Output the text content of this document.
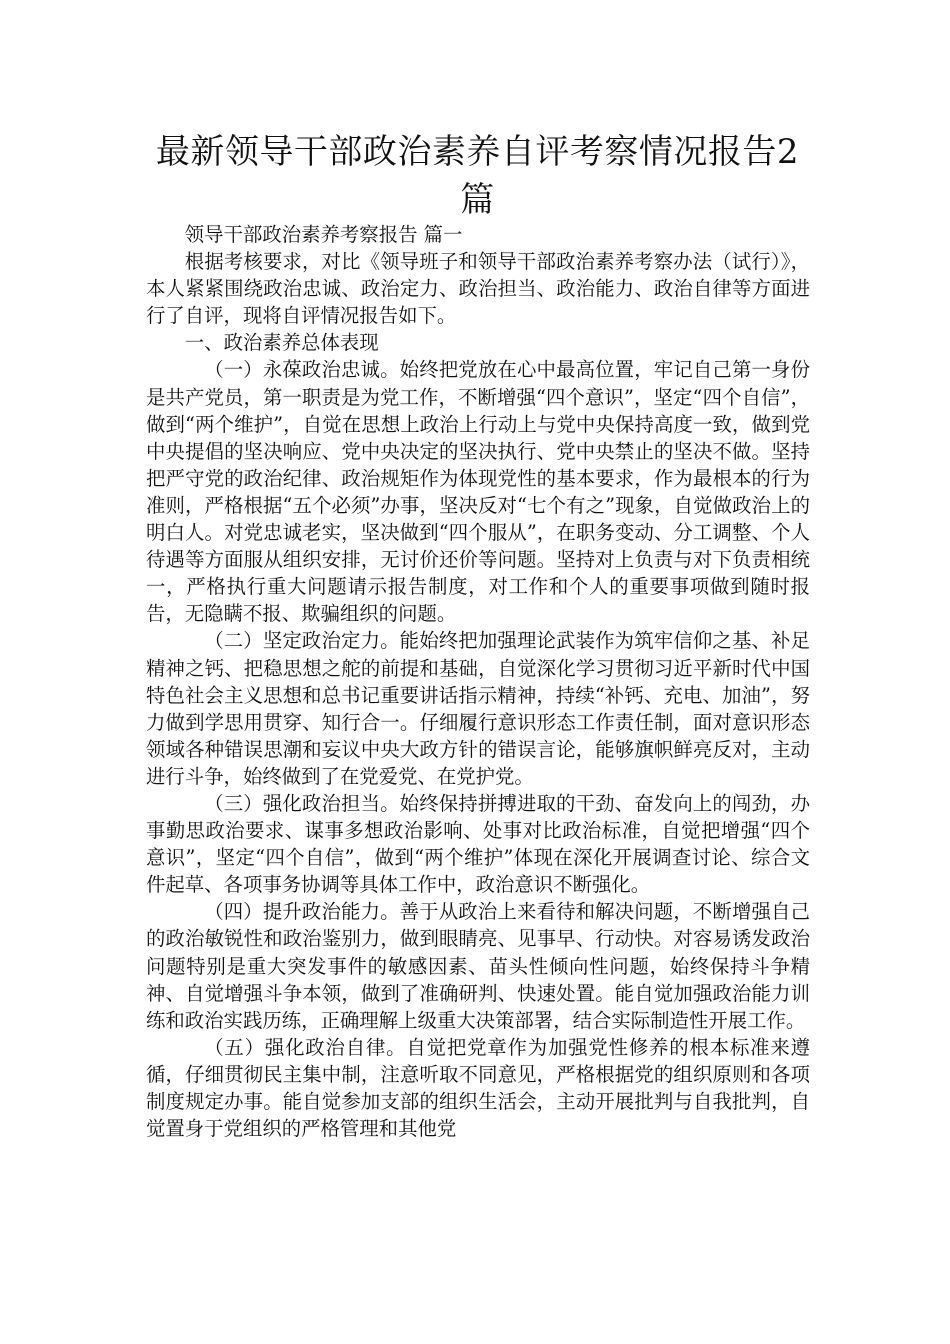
最新领导干部政治素养自评考察情况报告2篇

领导干部政治素养考察报告 篇一

根据考核要求，对比《领导班子和领导干部政治素养考察办法（试行）》，本人紧紧围绕政治忠诚、政治定力、政治担当、政治能力、政治自律等方面进行了自评，现将自评情况报告如下。

一、政治素养总体表现

（一）永葆政治忠诚。始终把党放在心中最高位置，牢记自己第一身份是共产党员，第一职责是为党工作，不断增强“四个意识”，坚定“四个自信”，做到“两个维护”，自觉在思想上政治上行动上与党中央保持高度一致，做到党中央提倡的坚决响应、党中央决定的坚决执行、党中央禁止的坚决不做。坚持把严守党的政治纪律、政治规矩作为体现党性的基本要求，作为最根本的行为准则，严格根据“五个必须”办事，坚决反对“七个有之”现象，自觉做政治上的明白人。对党忠诚老实，坚决做到“四个服从”，在职务变动、分工调整、个人待遇等方面服从组织安排，无讨价还价等问题。坚持对上负责与对下负责相统一，严格执行重大问题请示报告制度，对工作和个人的重要事项做到随时报告，无隐瞒不报、欺骗组织的问题。

（二）坚定政治定力。能始终把加强理论武装作为筑牢信仰之基、补足精神之钙、把稳思想之舵的前提和基础，自觉深化学习贯彻习近平新时代中国特色社会主义思想和总书记重要讲话指示精神，持续“补钙、充电、加油”，努力做到学思用贯穿、知行合一。仔细履行意识形态工作责任制，面对意识形态领域各种错误思潮和妄议中央大政方针的错误言论，能够旗帜鲜亮反对，主动进行斗争，始终做到了在党爱党、在党护党。

（三）强化政治担当。始终保持拼搏进取的干劲、奋发向上的闯劲，办事勤思政治要求、谋事多想政治影响、处事对比政治标准，自觉把增强“四个意识”，坚定“四个自信”，做到“两个维护”体现在深化开展调查讨论、综合文件起草、各项事务协调等具体工作中，政治意识不断强化。

（四）提升政治能力。善于从政治上来看待和解决问题，不断增强自己的政治敏锐性和政治鉴别力，做到眼睛亮、见事早、行动快。对容易诱发政治问题特别是重大突发事件的敏感因素、苗头性倾向性问题，始终保持斗争精神、自觉增强斗争本领，做到了准确研判、快速处置。能自觉加强政治能力训练和政治实践历练，正确理解上级重大决策部署，结合实际制造性开展工作。

（五）强化政治自律。自觉把党章作为加强党性修养的根本标准来遵循，仔细贯彻民主集中制，注意听取不同意见，严格根据党的组织原则和各项制度规定办事。能自觉参加支部的组织生活会，主动开展批判与自我批判，自觉置身于党组织的严格管理和其他党
